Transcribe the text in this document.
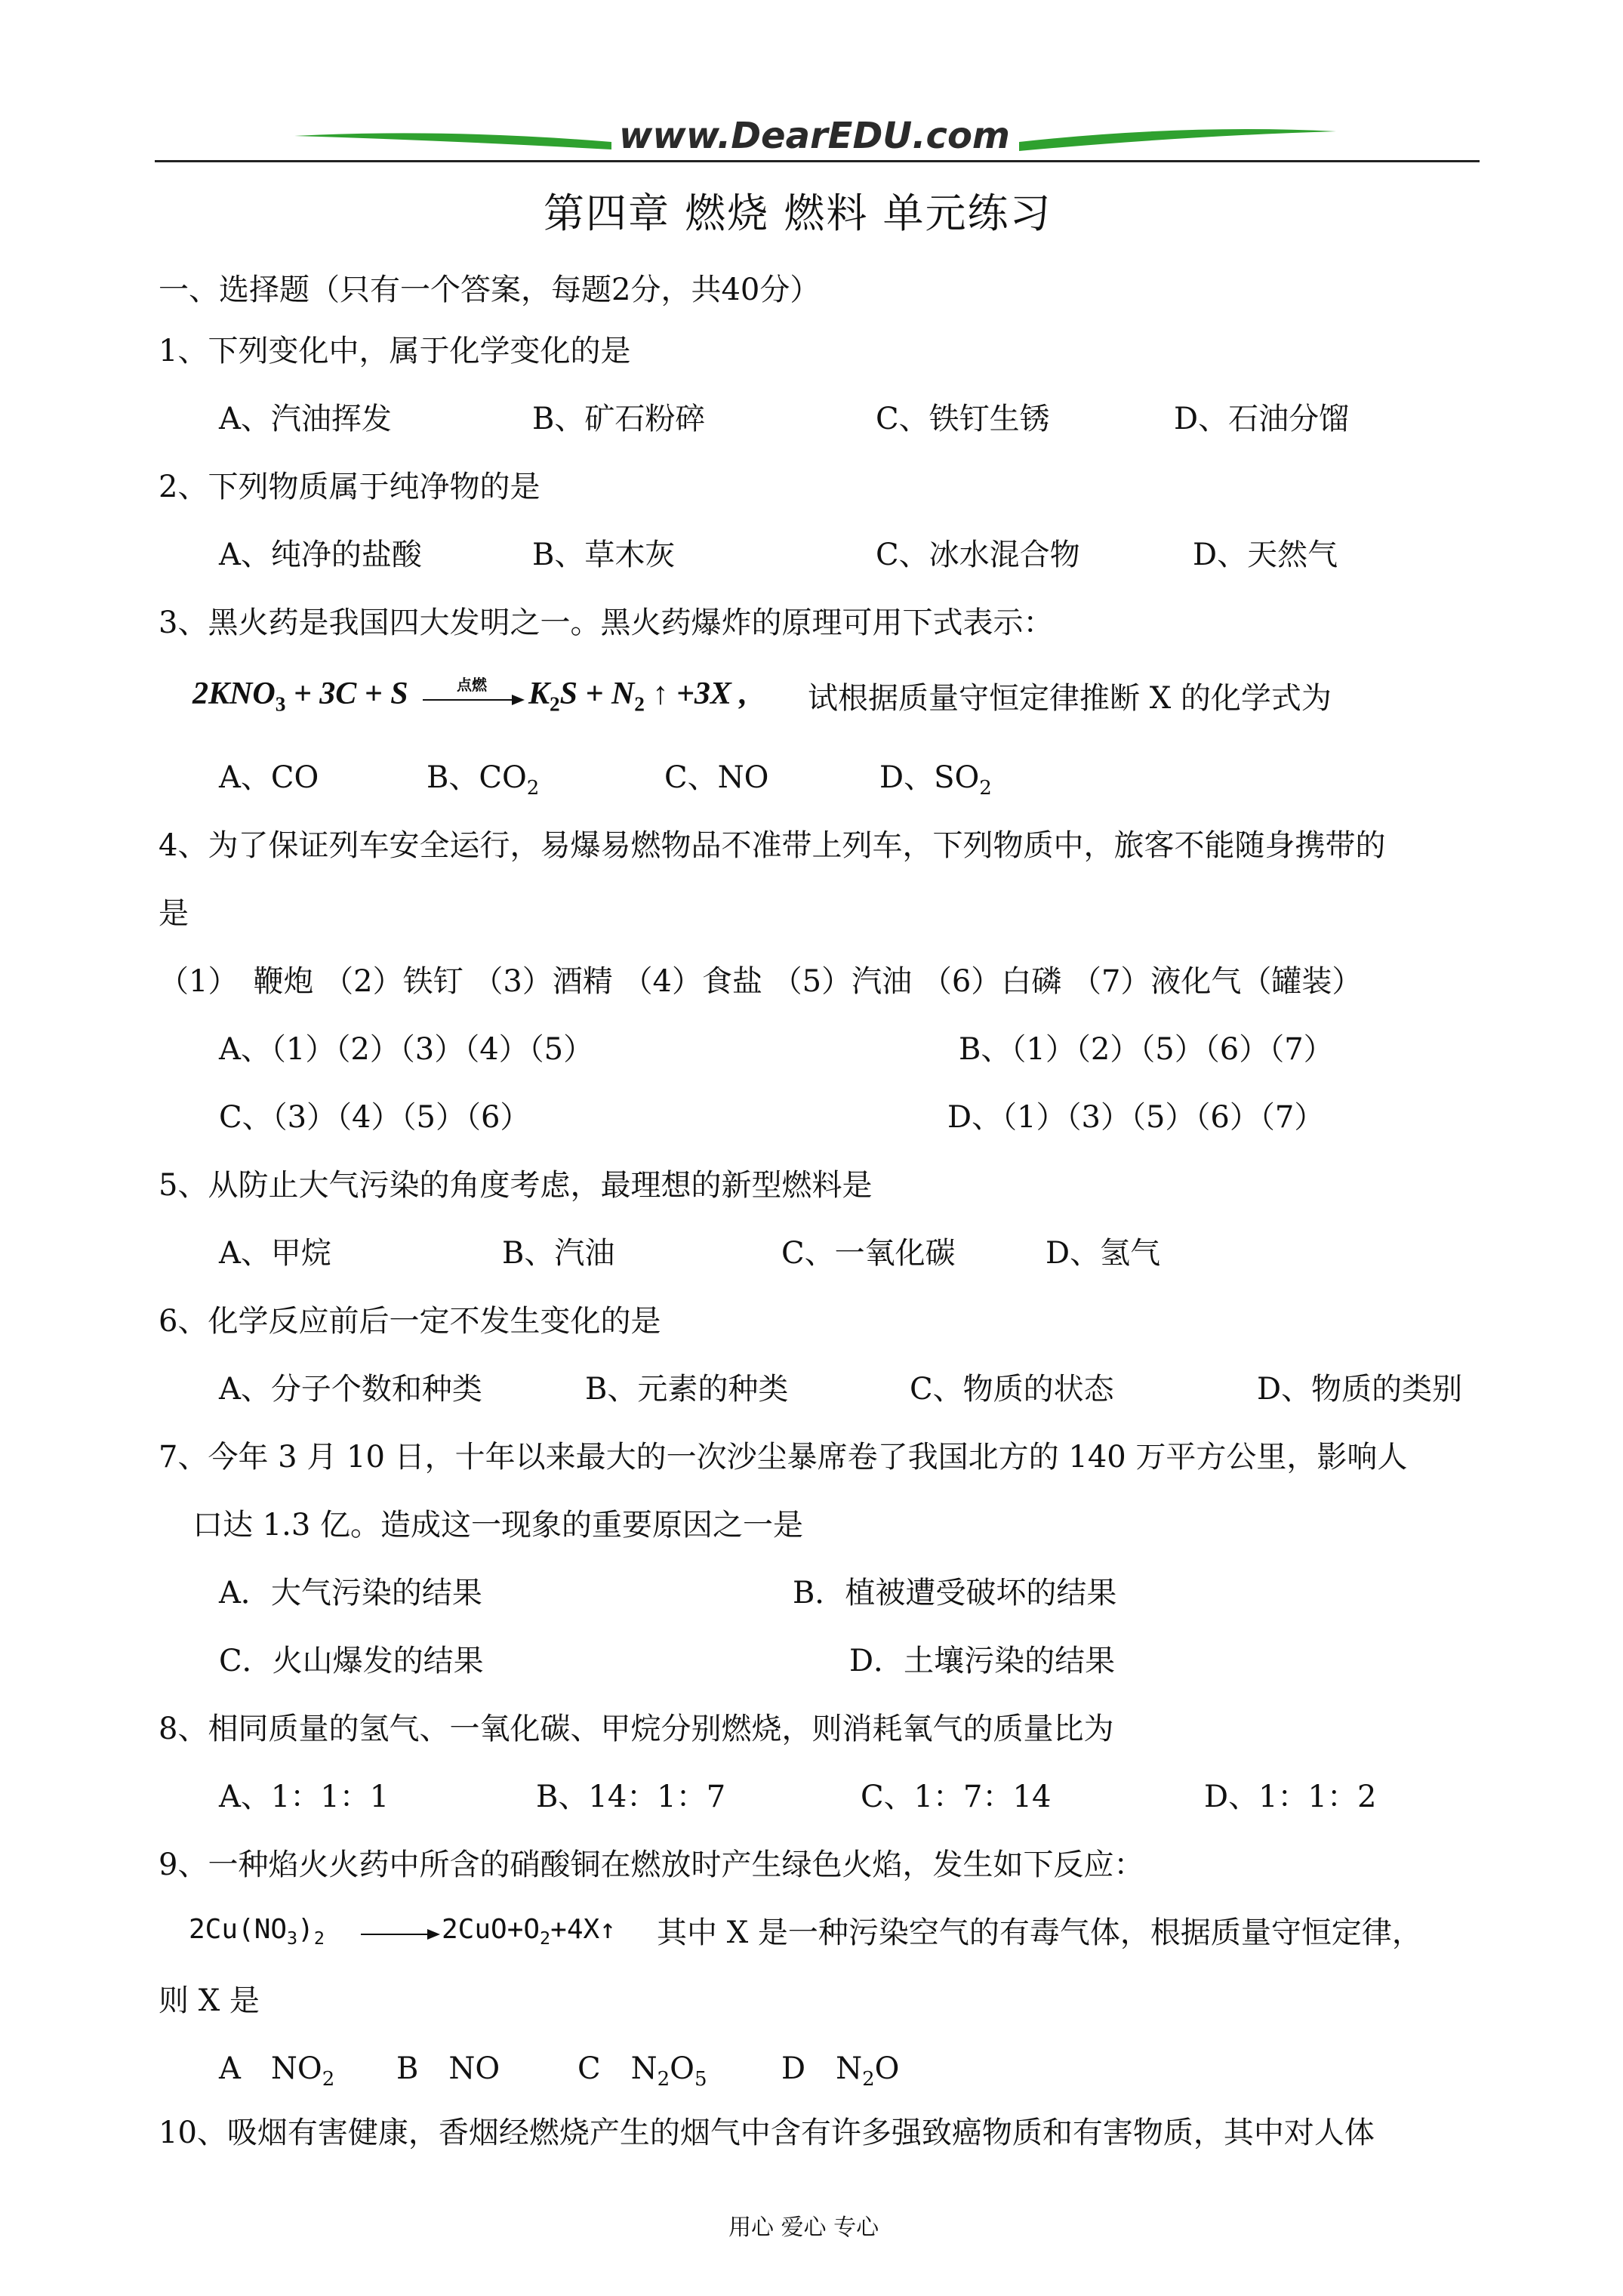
www.DearEDU.com
第四章 燃烧 燃料 单元练习
一、选择题（只有一个答案，每题2分，共40分）
1、下列变化中，属于化学变化的是
A、汽油挥发	B、矿石粉碎	C、铁钉生锈	D、石油分馏
2、下列物质属于纯净物的是
A、纯净的盐酸	B、草木灰	C、冰水混合物	D、天然气
3、黑火药是我国四大发明之一。黑火药爆炸的原理可用下式表示：
$2KNO_3 + 3C + S$	点燃 $K_2S + N_2$ ↑ +3X , 试根据质量守恒定律推断 X 的化学式为
A、CO	B、$CO_2$	C、NO	D、$SO_2$
4、为了保证列车安全运行，易爆易燃物品不准带上列车，下列物质中，旅客不能随身携带的
是
（1）　鞭炮 （2）铁钉 （3）酒精 （4）食盐 （5）汽油 （6）白磷 （7）液化气（罐装）
A、（1）（2）（3）（4）（5）	B、（1）（2）（5）（6）（7）
C、（3）（4）（5）（6）	D、（1）（3）（5）（6）（7）
5、从防止大气污染的角度考虑，最理想的新型燃料是
A、甲烷	B、汽油	C、一氧化碳	D、氢气
6、化学反应前后一定不发生变化的是
A、分子个数和种类	B、元素的种类	C、物质的状态	D、物质的类别
7、今年 3 月 10 日，十年以来最大的一次沙尘暴席卷了我国北方的 140 万平方公里，影响人
口达 1.3 亿。造成这一现象的重要原因之一是
A．大气污染的结果	B．植被遭受破坏的结果
C．火山爆发的结果	D．土壤污染的结果
8、相同质量的氢气、一氧化碳、甲烷分别燃烧，则消耗氧气的质量比为
A、1：1：1	B、14：1：7	C、1：7：14	D、1：1：2
9、一种焰火火药中所含的硝酸铜在燃放时产生绿色火焰，发生如下反应：
$2Cu(NO_3)_2$	$2CuO+O_2+4X↑$ 其中 X 是一种污染空气的有毒气体，根据质量守恒定律，
则 X 是
A　$NO_2$ B　NO	C　$N_2O_5$ D　$N_2O$
10、吸烟有害健康，香烟经燃烧产生的烟气中含有许多强致癌物质和有害物质，其中对人体
用心 爱心 专心
